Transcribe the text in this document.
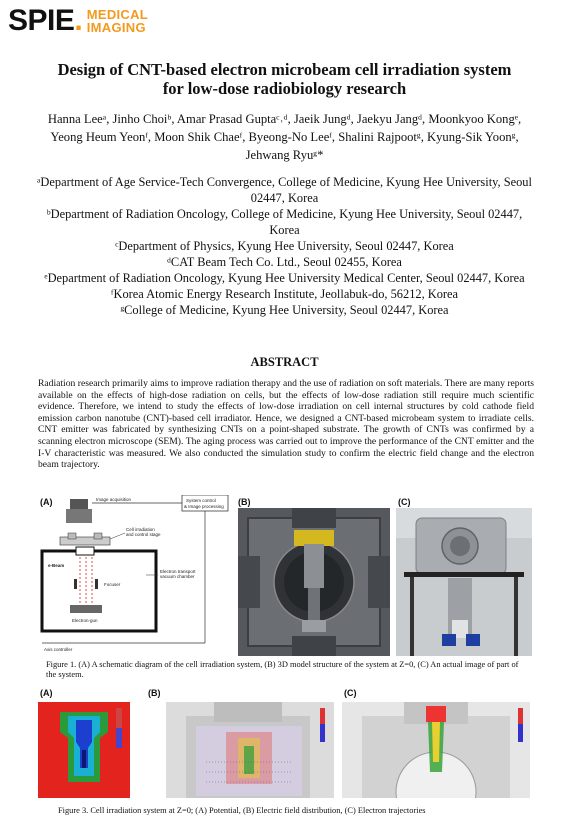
SPIE . MEDICAL
IMAGING
Design of CNT-based electron microbeam cell irradiation system
for low-dose radiobiology research
Hanna Leeᵃ, Jinho Choiᵇ, Amar Prasad Guptaᶜ˒ᵈ, Jaeik Jungᵈ, Jaekyu Jangᵈ, Moonkyoo Kongᵉ,
Yeong Heum Yeonᶠ, Moon Shik Chaeᶠ, Byeong-No Leeᶠ, Shalini Rajpootᵍ, Kyung-Sik Yoonᵍ,
Jehwang Ryuᵍ*
ᵃDepartment of Age Service-Tech Convergence, College of Medicine, Kyung Hee University, Seoul
02447, Korea
ᵇDepartment of Radiation Oncology, College of Medicine, Kyung Hee University, Seoul 02447,
Korea
ᶜDepartment of Physics, Kyung Hee University, Seoul 02447, Korea
ᵈCAT Beam Tech Co. Ltd., Seoul 02455, Korea
ᵉDepartment of Radiation Oncology, Kyung Hee University Medical Center, Seoul 02447, Korea
ᶠKorea Atomic Energy Research Institute, Jeollabuk-do, 56212, Korea
ᵍCollege of Medicine, Kyung Hee University, Seoul 02447, Korea
ABSTRACT
Radiation research primarily aims to improve radiation therapy and the use of radiation on soft materials. There are many reports available on the effects of high-dose radiation on cells, but the effects of low-dose radiation still require much scientific evidence. Therefore, we intend to study the effects of low-dose irradiation on cell internal structures by cold cathode field emission carbon nanotube (CNT)-based cell irradiator. Hence, we designed a CNT-based microbeam system to irradiate cells. CNT emitter was fabricated by synthesizing CNTs on a point-shaped substrate. The growth of CNTs was confirmed by a scanning electron microscope (SEM). The aging process was carried out to improve the performance of the CNT emitter and the I-V characteristic was measured. We also conducted the simulation study to confirm the electric field change and the electron beam trajectory.
(A)	Image acquisition	System control
& Image processing
Cell irradiation
and control stage
e-Beam
Focuser
Electron-gun
Electron transport
vacuum chamber
Axis controller
(B)	(C)
Figure 1. (A) A schematic diagram of the cell irradiation system, (B) 3D model structure of the system at Z=0, (C) An actual image of part of the system.
(A)	(B)	(C)
Figure 3. Cell irradiation system at Z=0; (A) Potential, (B) Electric field distribution, (C) Electron trajectories
